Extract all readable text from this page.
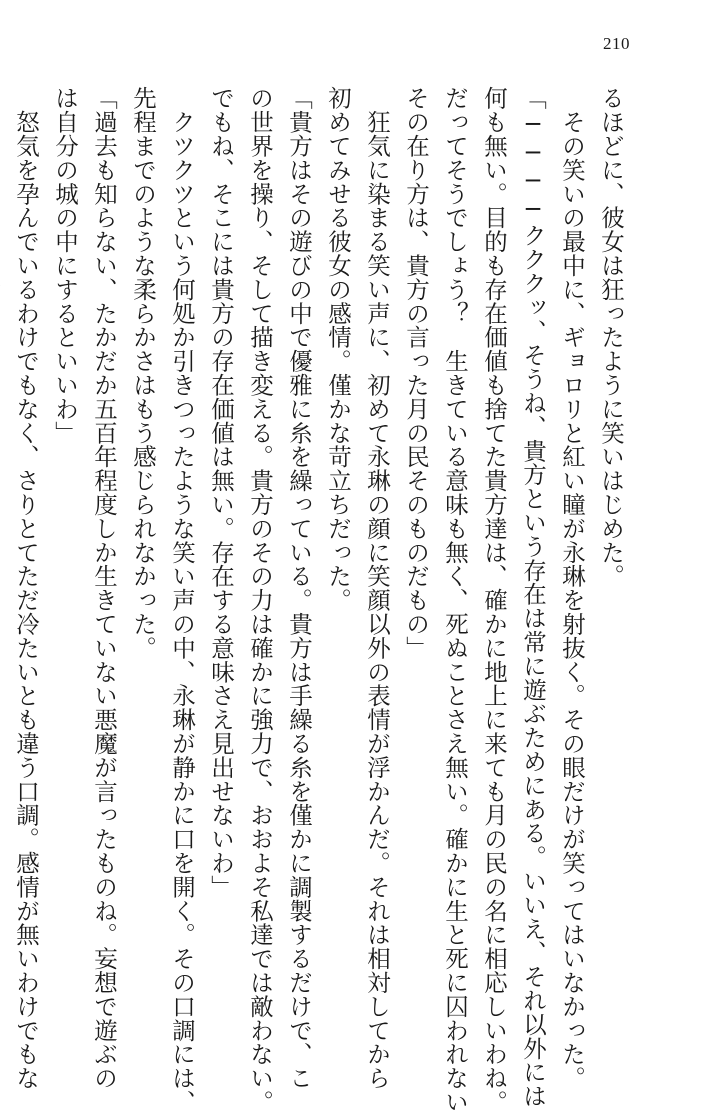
210
るほどに、彼女は狂ったように笑いはじめた。
　その笑いの最中に、ギョロリと紅い瞳が永琳を射抜く。その眼だけが笑ってはいなかった。
「────クククッ、そうね、貴方という存在は常に遊ぶためにある。いいえ、それ以外には
何も無い。目的も存在価値も捨てた貴方達は、確かに地上に来ても月の民の名に相応しいわね。
だってそうでしょう？　生きている意味も無く、死ぬことさえ無い。確かに生と死に囚われない
その在り方は、貴方の言った月の民そのものだもの」
　狂気に染まる笑い声に、初めて永琳の顔に笑顔以外の表情が浮かんだ。それは相対してから
初めてみせる彼女の感情。僅かな苛立ちだった。
「貴方はその遊びの中で優雅に糸を繰っている。貴方は手繰る糸を僅かに調製するだけで、こ
の世界を操り、そして描き変える。貴方のその力は確かに強力で、おおよそ私達では敵わない。
でもね、そこには貴方の存在価値は無い。存在する意味さえ見出せないわ」
　クツクツという何処か引きつったような笑い声の中、永琳が静かに口を開く。その口調には、
先程までのような柔らかさはもう感じられなかった。
「過去も知らない、たかだか五百年程度しか生きていない悪魔が言ったものね。妄想で遊ぶの
は自分の城の中にするといいわ」
　怒気を孕んでいるわけでもなく、さりとてただ冷たいとも違う口調。感情が無いわけでもな
